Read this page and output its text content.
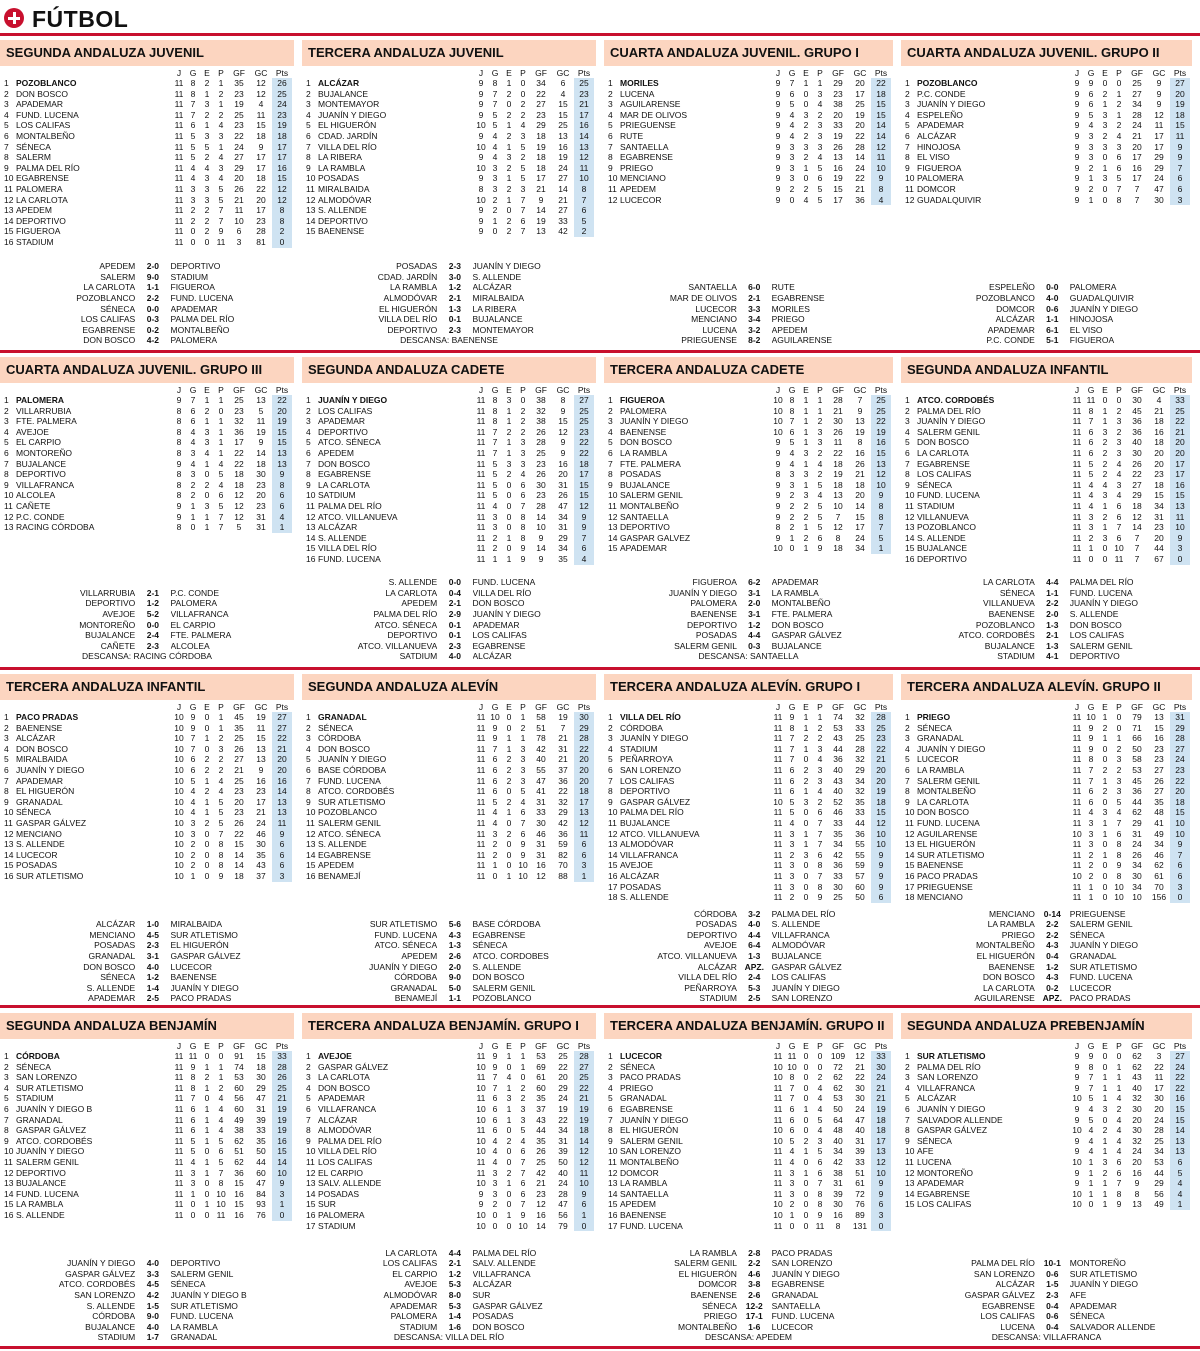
FÚTBOL
SEGUNDA ANDALUZA JUVENIL
J	G E P	GF	GC Pts
1 POZOBLANCO	11 8	2	1	35	12	26
2 DON BOSCO	11 8	1	2	23	12	25
3 APADEMAR	11 7	3	1	19	4	24
4 FUND. LUCENA	11 7	2	2	25	11	23
5 LOS CALIFAS	11 6	1	4	23	15	19
6 MONTALBEÑO	11 5	3	3	22	18	18
7 SÉNECA	11 5	5	1	24	9	17
8 SALERM	11 5	2	4	27	17	17
9 PALMA DEL RÍO	11 4	4	3	29	17	16
10 EGABRENSE	11 4	3	4	20	18	15
11 PALOMERA	11 3	3	5	26	22	12
12 LA CARLOTA	11 3	3	5	21	20	12
13 APEDEM	11 2	2	7	11	17	8
14 DEPORTIVO	11 2	2	7	10	23	8
15 FIGUEROA	11 0	2	9	6	28	2
16 STADIUM	11 0	0 11	3	81	0
APEDEM	2-0	DEPORTIVO
SALERM	9-0	STADIUM
LA CARLOTA	1-1	FIGUEROA
POZOBLANCO	2-2	FUND. LUCENA
SÉNECA	0-0	APADEMAR
LOS CALIFAS	0-3	PALMA DEL RÍO
EGABRENSE	0-2	MONTALBEÑO
DON BOSCO	4-2	PALOMERA
TERCERA ANDALUZA JUVENIL
J	G E P	GF	GC Pts
1 ALCÁZAR	9	8	1	0	34	6	25
2 BUJALANCE	9	7	2	0	22	4	23
3 MONTEMAYOR	9	7	0	2	27	15	21
4 JUANÍN Y DIEGO	9	5	2	2	23	15	17
5 EL HIGUERÓN	10 5	1	4	29	25	16
6 CDAD. JARDÍN	9	4	2	3	18	13	14
7 VILLA DEL RÍO	10 4	1	5	19	16	13
8 LA RIBERA	9	4	3	2	18	19	12
9 LA RAMBLA	10 3	2	5	18	24	11
10 POSADAS	9	3	1	5	17	27	10
11 MIRALBAIDA	8	3	2	3	21	14	8
12 ALMODÓVAR	10 2	1	7	9	21	7
13 S. ALLENDE	9	2	0	7	14	27	6
14 DEPORTIVO	9	1	2	6	19	33	5
15 BAENENSE	9	0	2	7	13	42	2
POSADAS	2-3	JUANÍN Y DIEGO
CDAD. JARDÍN	3-0	S. ALLENDE
LA RAMBLA	1-2	ALCÁZAR
ALMODÓVAR	2-1	MIRALBAIDA
EL HIGUERÓN	1-3	LA RIBERA
VILLA DEL RÍO	0-1	BUJALANCE
DEPORTIVO	2-3	MONTEMAYOR
DESCANSA: BAENENSE
CUARTA ANDALUZA JUVENIL. GRUPO I
J	G E P	GF	GC Pts
1 MORILES	9	7	1	1	29	20	22
2 LUCENA	9	6	0	3	23	17	18
3 AGUILARENSE	9	5	0	4	38	25	15
4 MAR DE OLIVOS	9	4	3	2	20	19	15
5 PRIEGUENSE	9	4	2	3	33	20	14
6 RUTE	9	4	2	3	19	22	14
7 SANTAELLA	9	3	3	3	26	28	12
8 EGABRENSE	9	3	2	4	13	14	11
9 PRIEGO	9	3	1	5	16	24	10
10 MENCIANO	9	3	0	6	19	22	9
11 APEDEM	9	2	2	5	15	21	8
12 LUCECOR	9	0	4	5	17	36	4
SANTAELLA	6-0	RUTE
MAR DE OLIVOS	2-1	EGABRENSE
LUCECOR	3-3	MORILES
MENCIANO	3-4	PRIEGO
LUCENA	3-2	APEDEM
PRIEGUENSE	8-2	AGUILARENSE
CUARTA ANDALUZA JUVENIL. GRUPO II
J	G E P	GF	GC Pts
1 POZOBLANCO	9	9	0	0	25	9	27
2 P.C. CONDE	9	6	2	1	27	9	20
3 JUANÍN Y DIEGO	9	6	1	2	34	9	19
4 ESPELEÑO	9	5	3	1	28	12	18
5 APADEMAR	9	4	3	2	24	11	15
6 ALCÁZAR	9	3	2	4	21	17	11
7 HINOJOSA	9	3	3	3	20	17	9
8 EL VISO	9	3	0	6	17	29	9
9 FIGUEROA	9	2	1	6	16	29	7
10 PALOMERA	9	1	3	5	17	24	6
11 DOMCOR	9	2	0	7	7	47	6
12 GUADALQUIVIR	9	1	0	8	7	30	3
ESPELEÑO	0-0	PALOMERA
POZOBLANCO	4-0	GUADALQUIVIR
DOMCOR	0-6	JUANÍN Y DIEGO
ALCÁZAR	1-1	HINOJOSA
APADEMAR	6-1	EL VISO
P.C. CONDE	5-1	FIGUEROA
CUARTA ANDALUZA JUVENIL. GRUPO III
J	G E P	GF	GC Pts
1 PALOMERA	9	7	1	1	25	13	22
2 VILLARRUBIA	8	6	2	0	23	5	20
3 FTE. PALMERA	8	6	1	1	32	11	19
4 AVEJOE	8	4	3	1	36	19	15
5 EL CARPIO	8	4	3	1	17	9	15
6 MONTOREÑO	8	3	4	1	22	14	13
7 BUJALANCE	9	4	1	4	22	18	13
8 DEPORTIVO	8	3	0	5	18	30	9
9 VILLAFRANCA	8	2	2	4	18	23	8
10 ALCOLEA	8	2	0	6	12	20	6
11 CAÑETE	9	1	3	5	12	23	6
12 P.C. CONDE	9	1	1	7	12	31	4
13 RACING CÓRDOBA	8	0	1	7	5	31	1
VILLARRUBIA	2-1	P.C. CONDE
DEPORTIVO	1-2	PALOMERA
AVEJOE	5-2	VILLAFRANCA
MONTOREÑO	0-0	EL CARPIO
BUJALANCE	2-4	FTE. PALMERA
CAÑETE	2-3	ALCOLEA
DESCANSA: RACING CÓRDOBA
SEGUNDA ANDALUZA CADETE
J	G E P	GF	GC Pts
1 JUANÍN Y DIEGO	11 8	3	0	38	8	27
2 LOS CALIFAS	11 8	1	2	32	9	25
3 APADEMAR	11 8	1	2	38	15	25
4 DEPORTIVO	11 7	2	2	26	12	23
5 ATCO. SÉNECA	11 7	1	3	28	9	22
6 APEDEM	11 7	1	3	25	9	22
7 DON BOSCO	11 5	3	3	23	16	18
8 EGABRENSE	11 5	2	4	26	20	17
9 LA CARLOTA	11 5	0	6	30	31	15
10 SATDIUM	11 5	0	6	23	26	15
11 PALMA DEL RÍO	11 4	0	7	28	47	12
12 ATCO. VILLANUEVA	11 3	0	8	14	34	9
13 ALCÁZAR	11 3	0	8	10	31	9
14 S. ALLENDE	11 2	1	8	9	29	7
15 VILLA DEL RÍO	11 2	0	9	14	34	6
16 FUND. LUCENA	11 1	1	9	9	35	4
S. ALLENDE	0-0	FUND. LUCENA
LA CARLOTA	0-4	VILLA DEL RÍO
APEDEM	2-1	DON BOSCO
PALMA DEL RÍO	2-9	JUANÍN Y DIEGO
ATCO. SÉNECA	0-1	APADEMAR
DEPORTIVO	0-1	LOS CALIFAS
ATCO. VILLANUEVA	2-3	EGABRENSE
SATDIUM	4-0	ALCÁZAR
TERCERA ANDALUZA CADETE
J	G E P	GF	GC Pts
1 FIGUEROA	10 8	1	1	28	7	25
2 PALOMERA	10 8	1	1	21	9	25
3 JUANÍN Y DIEGO	10 7	1	2	30	13	22
4 BAENENSE	10 6	1	3	26	19	19
5 DON BOSCO	9	5	1	3	11	8	16
6 LA RAMBLA	9	4	3	2	22	16	15
7 FTE. PALMERA	9	4	1	4	18	26	13
8 POSADAS	8	3	3	2	19	21	12
9 BUJALANCE	9	3	1	5	18	18	10
10 SALERM GENIL	9	2	3	4	13	20	9
11 MONTALBEÑO	9	2	2	5	10	14	8
12 SANTAELLA	9	2	2	5	7	15	8
13 DEPORTIVO	8	2	1	5	12	17	7
14 GASPAR GALVEZ	9	1	2	6	8	24	5
15 APADEMAR	10 0	1	9	18	34	1
FIGUEROA	6-2	APADEMAR
JUANÍN Y DIEGO	3-1	LA RAMBLA
PALOMERA	2-0	MONTALBEÑO
BAENENSE	3-1	FTE. PALMERA
DEPORTIVO	1-2	DON BOSCO
POSADAS	4-4	GASPAR GÁLVEZ
SALERM GENIL	0-3	BUJALANCE
DESCANSA: SANTAELLA
SEGUNDA ANDALUZA INFANTIL
J	G E P	GF	GC Pts
1 ATCO. CORDOBÉS	11 11 0	0	30	4	33
2 PALMA DEL RÍO	11 8	1	2	45	21	25
3 JUANÍN Y DIEGO	11 7	1	3	36	18	22
4 SALERM GENIL	11 6	3	2	36	16	21
5 DON BOSCO	11 6	2	3	40	18	20
6 LA CARLOTA	11 6	2	3	30	20	20
7 EGABRENSE	11 5	2	4	26	20	17
8 LOS CALIFAS	11 5	2	4	22	23	17
9 SÉNECA	11 4	4	3	27	18	16
10 FUND. LUCENA	11 4	3	4	29	15	15
11 STADIUM	11 4	1	6	18	34	13
12 VILLANUEVA	11 3	2	6	12	31	11
13 POZOBLANCO	11 3	1	7	14	23	10
14 S. ALLENDE	11 2	3	6	7	20	9
15 BUJALANCE	11 1	0 10	7	44	3
16 DEPORTIVO	11 0	0 11	7	67	0
LA CARLOTA	4-4	PALMA DEL RÍO
SÉNECA	1-1	FUND. LUCENA
VILLANUEVA	2-2	JUANÍN Y DIEGO
BAENENSE	2-0	S. ALLENDE
POZOBLANCO	1-3	DON BOSCO
ATCO. CORDOBÉS	2-1	LOS CALIFAS
BUJALANCE	1-3	SALERM GENIL
STADIUM	4-1	DEPORTIVO
TERCERA ANDALUZA INFANTIL
J	G E P	GF	GC Pts
1 PACO PRADAS	10 9	0	1	45	19	27
2 BAENENSE	10 9	0	1	35	11	27
3 ALCÁZAR	10 7	1	2	25	15	22
4 DON BOSCO	10 7	0	3	26	13	21
5 MIRALBAIDA	10 6	2	2	27	13	20
6 JUANÍN Y DIEGO	10 6	2	2	21	9	20
7 APADEMAR	10 5	1	4	25	16	16
8 EL HIGUERÓN	10 4	2	4	23	23	14
9 GRANADAL	10 4	1	5	20	17	13
10 SÉNECA	10 4	1	5	23	21	13
11 GASPAR GÁLVEZ	10 3	2	5	26	24	11
12 MENCIANO	10 3	0	7	22	46	9
13 S. ALLENDE	10 2	0	8	15	30	6
14 LUCECOR	10 2	0	8	14	35	6
15 POSADAS	10 2	0	8	14	43	6
16 SUR ATLETISMO	10 1	0	9	18	37	3
ALCÁZAR	1-0	MIRALBAIDA
MENCIANO	4-5	SUR ATLETISMO
POSADAS	2-3	EL HIGUERÓN
GRANADAL	3-1	GASPAR GÁLVEZ
DON BOSCO	4-0	LUCECOR
SÉNECA	1-2	BAENENSE
S. ALLENDE	1-4	JUANÍN Y DIEGO
APADEMAR	2-5	PACO PRADAS
SEGUNDA ANDALUZA ALEVÍN
J	G E P	GF	GC Pts
1 GRANADAL	11 10 0	1	58	19	30
2 SÉNECA	11 9	0	2	51	7	29
3 CÓRDOBA	11 9	1	1	78	21	28
4 DON BOSCO	11 7	1	3	42	31	22
5 JUANÍN Y DIEGO	11 6	2	3	40	21	20
6 BASE CÓRDOBA	11 6	2	3	55	37	20
7 FUND. LUCENA	11 6	2	3	47	36	20
8 ATCO. CORDOBÉS	11 6	0	5	41	22	18
9 SUR ATLETISMO	11 5	2	4	31	32	17
10 POZOBLANCO	11 4	1	6	33	29	13
11 SALERM GENIL	11 4	0	7	30	42	12
12 ATCO. SÉNECA	11 3	2	6	46	36	11
13 S. ALLENDE	11 2	0	9	31	59	6
14 EGABRENSE	11 2	0	9	31	82	6
15 APEDEM	11 1	0 10	16	70	3
16 BENAMEJÍ	11 0	1 10	12	88	1
SUR ATLETISMO	5-6	BASE CÓRDOBA
FUND. LUCENA	4-3	EGABRENSE
ATCO. SÉNECA	1-3	SÉNECA
APEDEM	2-6	ATCO. CORDOBES
JUANÍN Y DIEGO	2-0	S. ALLENDE
CÓRDOBA	9-0	DON BOSCO
GRANADAL	5-0	SALERM GENIL
BENAMEJÍ	1-1	POZOBLANCO
TERCERA ANDALUZA ALEVÍN. GRUPO I
J	G E P	GF	GC Pts
1 VILLA DEL RÍO	11 9	1	1	74	32	28
2 CÓRDOBA	11 8	1	2	53	33	25
3 JUANÍN Y DIEGO	11 7	2	2	43	25	23
4 STADIUM	11 7	1	3	44	28	22
5 PEÑARROYA	11 7	0	4	36	32	21
6 SAN LORENZO	11 6	2	3	40	29	20
7 LOS CALIFAS	11 6	2	3	43	34	20
8 DEPORTIVO	11 6	1	4	40	32	19
9 GASPAR GÁLVEZ	10 5	3	2	52	35	18
10 PALMA DEL RÍO	11 5	0	6	46	33	15
11 BUJALANCE	11 4	0	7	33	44	12
12 ATCO. VILLANUEVA	11 3	1	7	35	36	10
13 ALMODÓVAR	11 3	1	7	34	55	10
14 VILLAFRANCA	11 2	3	6	42	55	9
15 AVEJOE	11 3	0	8	36	59	9
16 ALCÁZAR	11 3	0	7	33	57	9
17 POSADAS	11 3	0	8	30	60	9
18 S. ALLENDE	11 2	0	9	25	50	6
CÓRDOBA	3-2	PALMA DEL RÍO
POSADAS	4-0	S. ALLENDE
DEPORTIVO	4-4	VILLAFRANCA
AVEJOE	6-4	ALMODÓVAR
ATCO. VILLANUEVA	1-3	BUJALANCE
ALCÁZAR APZ. GASPAR GÁLVEZ
VILLA DEL RÍO	2-4	LOS CALIFAS
PEÑARROYA	5-3	JUANÍN Y DIEGO
STADIUM	2-5	SAN LORENZO
TERCERA ANDALUZA ALEVÍN. GRUPO II
J	G E P	GF	GC Pts
1 PRIEGO	11 10 1	0	79	13	31
2 SÉNECA	11 9	2	0	71	15	29
3 GRANADAL	11 9	1	1	66	16	28
4 JUANÍN Y DIEGO	11 9	0	2	50	23	27
5 LUCECOR	11 8	0	3	58	23	24
6 LA RAMBLA	11 7	2	2	53	27	23
7 SALERM GENIL	11 7	1	3	45	26	22
8 MONTALBEÑO	11 6	2	3	36	27	20
9 LA CARLOTA	11 6	0	5	44	35	18
10 DON BOSCO	11 4	3	4	62	48	15
11 FUND. LUCENA	11 3	1	7	29	41	10
12 AGUILARENSE	10 3	1	6	31	49	10
13 EL HIGUERÓN	11 3	0	8	24	34	9
14 SUR ATLETISMO	11 2	1	8	26	46	7
15 BAENENSE	11 2	0	9	34	62	6
16 PACO PRADAS	10 2	0	8	30	61	6
17 PRIEGUENSE	11 1	0 10	34	70	3
18 MENCIANO	11 1	0 10	10	156	0
MENCIANO	0-14	PRIEGUENSE
LA RAMBLA	2-2	SALERM GENIL
PRIEGO	2-2	SÉNECA
MONTALBEÑO	4-3	JUANÍN Y DIEGO
EL HIGUERÓN	0-4	GRANADAL
BAENENSE	1-2	SUR ATLETISMO
DON BOSCO	4-3	FUND. LUCENA
LA CARLOTA	0-2	LUCECOR
AGUILARENSE APZ. PACO PRADAS
SEGUNDA ANDALUZA BENJAMÍN
J	G E P	GF	GC Pts
1 CÓRDOBA	11 11 0	0	91	15	33
2 SÉNECA	11 9	1	1	74	18	28
3 SAN LORENZO	11 8	2	1	53	30	26
4 SUR ATLETISMO	11 8	1	2	60	29	25
5 STADIUM	11 7	0	4	56	47	21
6 JUANÍN Y DIEGO B	11 6	1	4	60	31	19
7 GRANADAL	11 6	1	4	49	39	19
8 GASPAR GÁLVEZ	11 6	1	4	38	33	19
9 ATCO. CORDOBÉS	11 5	1	5	62	35	16
10 JUANÍN Y DIEGO	11 5	0	6	51	50	15
11 SALERM GENIL	11 4	1	5	62	44	14
12 DEPORTIVO	11 3	1	7	36	60	10
13 BUJALANCE	11 3	0	8	15	47	9
14 FUND. LUCENA	11 1	0 10	16	84	3
15 LA RAMBLA	11 0	1 10	15	93	1
16 S. ALLENDE	11 0	0 11	16	76	0
JUANÍN Y DIEGO	4-0	DEPORTIVO
GASPAR GÁLVEZ	3-3	SALERM GENIL
ATCO. CORDOBÉS	4-5	SÉNECA
SAN LORENZO	4-2	JUANÍN Y DIEGO B
S. ALLENDE	1-5	SUR ATLETISMO
CÓRDOBA	9-0	FUND. LUCENA
BUJALANCE	4-0	LA RAMBLA
STADIUM	1-7	GRANADAL
TERCERA ANDALUZA BENJAMÍN. GRUPO I
J	G E P	GF	GC Pts
1 AVEJOE	11 9	1	1	53	25	28
2 GASPAR GÁLVEZ	10 9	0	1	69	22	27
3 LA CARLOTA	11 7	4	0	61	20	25
4 DON BOSCO	10 7	1	2	60	29	22
5 APADEMAR	11 6	3	2	35	24	21
6 VILLAFRANCA	10 6	1	3	37	19	19
7 ALCÁZAR	10 6	1	3	43	22	19
8 ALMODÓVAR	11 6	0	5	44	34	18
9 PALMA DEL RÍO	10 4	2	4	35	31	14
10 VILLA DEL RÍO	10 4	0	6	26	39	12
11 LOS CALIFAS	11 4	0	7	25	50	12
12 EL CARPIO	11 3	2	7	42	40	11
13 SALV. ALLENDE	10 3	1	6	21	24	10
14 POSADAS	9	3	0	6	23	28	9
15 SUR	9	2	0	7	12	47	6
16 PALOMERA	10 0	1	9	16	56	1
17 STADIUM	10 0	0 10	14	79	0
LA CARLOTA	4-4	PALMA DEL RÍO
LOS CALIFAS	2-1	SALV. ALLENDE
EL CARPIO	1-2	VILLAFRANCA
AVEJOE	5-3	ALCÁZAR
ALMODÓVAR	8-0	SUR
APADEMAR	5-3	GASPAR GÁLVEZ
PALOMERA	1-4	POSADAS
STADIUM	1-6	DON BOSCO
DESCANSA: VILLA DEL RÍO
TERCERA ANDALUZA BENJAMÍN. GRUPO II
J	G E P	GF	GC Pts
1 LUCECOR	11 11 0	0	109	12	33
2 SÉNECA	10 10 0	0	72	21	30
3 PACO PRADAS	10 8	0	2	62	22	24
4 PRIEGO	11 7	0	4	62	30	21
5 GRANADAL	11 7	0	4	53	30	21
6 EGABRENSE	11 6	1	4	50	24	19
7 JUANÍN Y DIEGO	11 6	0	5	64	47	18
8 EL HIGUERÓN	10 6	0	4	48	40	18
9 SALERM GENIL	10 5	2	3	40	31	17
10 SAN LORENZO	11 4	1	5	34	39	13
11 MONTALBEÑO	11 4	0	6	42	33	12
12 DOMCOR	11 3	1	6	38	51	10
13 LA RAMBLA	11 3	0	7	31	61	9
14 SANTAELLA	11 3	0	8	39	72	9
15 APEDEM	10 2	0	8	30	76	6
16 BAENENSE	10 1	0	9	16	89	3
17 FUND. LUCENA	11 0	0 11	8	131	0
LA RAMBLA	2-8	PACO PRADAS
SALERM GENIL	2-2	SAN LORENZO
EL HIGUERÓN	4-6	JUANÍN Y DIEGO
DOMCOR	3-8	EGABRENSE
BAENENSE	2-6	GRANADAL
SÉNECA	12-2	SANTAELLA
PRIEGO	17-1	FUND. LUCENA
MONTALBEÑO	1-6	LUCECOR
DESCANSA: APEDEM
SEGUNDA ANDALUZA PREBENJAMÍN
J	G E P	GF	GC Pts
1 SUR ATLETISMO	9	9	0	0	62	3	27
2 PALMA DEL RÍO	9	8	0	1	62	22	24
3 SAN LORENZO	9	7	1	1	43	11	22
4 VILLAFRANCA	9	7	1	1	40	17	22
5 ALCÁZAR	10 5	1	4	32	30	16
6 JUANÍN Y DIEGO	9	4	3	2	30	20	15
7 SALVADOR ALLENDE	9	5	0	4	20	24	15
8 GASPAR GÁLVEZ	10 4	2	4	30	28	14
9 SÉNECA	9	4	1	4	32	25	13
10 AFE	9	4	1	4	24	34	13
11 LUCENA	10 1	3	6	20	53	6
12 MONTOREÑO	9	1	2	6	16	44	5
13 APADEMAR	9	1	1	7	9	29	4
14 EGABRENSE	10 1	1	8	8	56	4
15 LOS CALIFAS	10 0	1	9	13	49	1
PALMA DEL RÍO	10-1	MONTOREÑO
SAN LORENZO	0-6	SUR ATLETISMO
ALCÁZAR	1-5	JUANÍN Y DIEGO
GASPAR GÁLVEZ	2-3	AFE
EGABRENSE	0-4	APADEMAR
LOS CALIFAS	0-6	SÉNECA
LUCENA	0-4	SALVADOR ALLENDE
DESCANSA: VILLAFRANCA
